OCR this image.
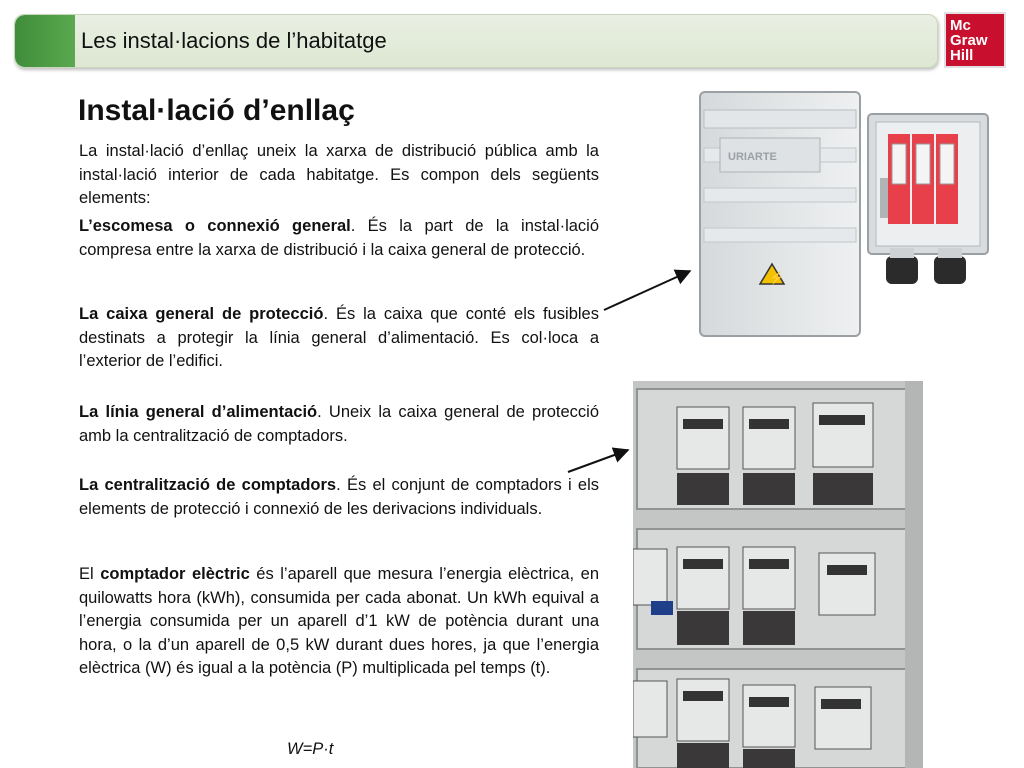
Les instal·lacions de l’habitatge
Mc
Graw
Hill
Instal·lació d’enllaç
La instal·lació d’enllaç uneix la xarxa de distribució pública amb la instal·lació interior de cada habitatge. Es compon dels següents elements:
L’escomesa o connexió general. És la part de la instal·lació compresa entre la xarxa de distribució i la caixa general de protecció.
La caixa general de protecció. És la caixa que conté els fusibles destinats a protegir la línia general d’alimentació. Es col·loca a l’exterior de l’edifici.
La línia general d’alimentació. Uneix la caixa general de protecció amb la centralització de comptadors.
La centralització de comptadors. És el conjunt de comptadors i els elements de protecció i connexió de les derivacions individuals.
El comptador elèctric és l’aparell que mesura l’energia elèctrica, en quilowatts hora (kWh), consumida per cada abonat. Un kWh equival a l’energia consumida per un aparell d’1 kW de potència durant una hora, o la d’un aparell de 0,5 kW durant dues hores, ja que l’energia elèctrica (W) és igual a la potència (P) multiplicada pel temps (t).
W=P·t
URIARTE
⚡
